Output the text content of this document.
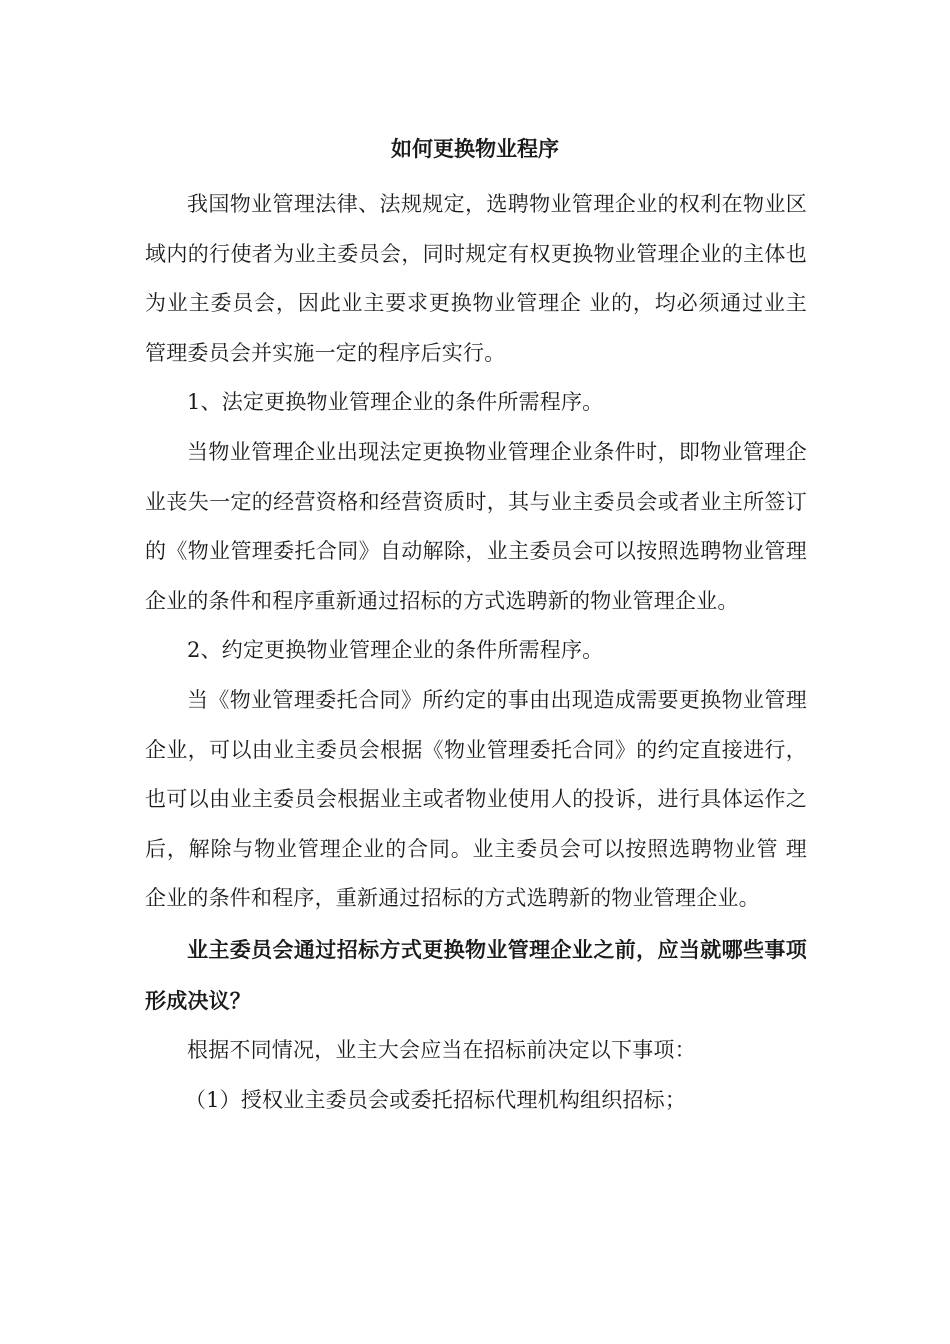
如何更换物业程序

我国物业管理法律、法规规定，选聘物业管理企业的权利在物业区域内的行使者为业主委员会，同时规定有权更换物业管理企业的主体也为业主委员会，因此业主要求更换物业管理企 业的，均必须通过业主管理委员会并实施一定的程序后实行。

1、法定更换物业管理企业的条件所需程序。

当物业管理企业出现法定更换物业管理企业条件时，即物业管理企业丧失一定的经营资格和经营资质时，其与业主委员会或者业主所签订的《物业管理委托合同》自动解除，业主委员会可以按照选聘物业管理企业的条件和程序重新通过招标的方式选聘新的物业管理企业。

2、约定更换物业管理企业的条件所需程序。

当《物业管理委托合同》所约定的事由出现造成需要更换物业管理企业，可以由业主委员会根据《物业管理委托合同》的约定直接进行，也可以由业主委员会根据业主或者物业使用人的投诉，进行具体运作之后，解除与物业管理企业的合同。业主委员会可以按照选聘物业管 理企业的条件和程序，重新通过招标的方式选聘新的物业管理企业。

业主委员会通过招标方式更换物业管理企业之前，应当就哪些事项形成决议？

根据不同情况，业主大会应当在招标前决定以下事项：

（1）授权业主委员会或委托招标代理机构组织招标；
